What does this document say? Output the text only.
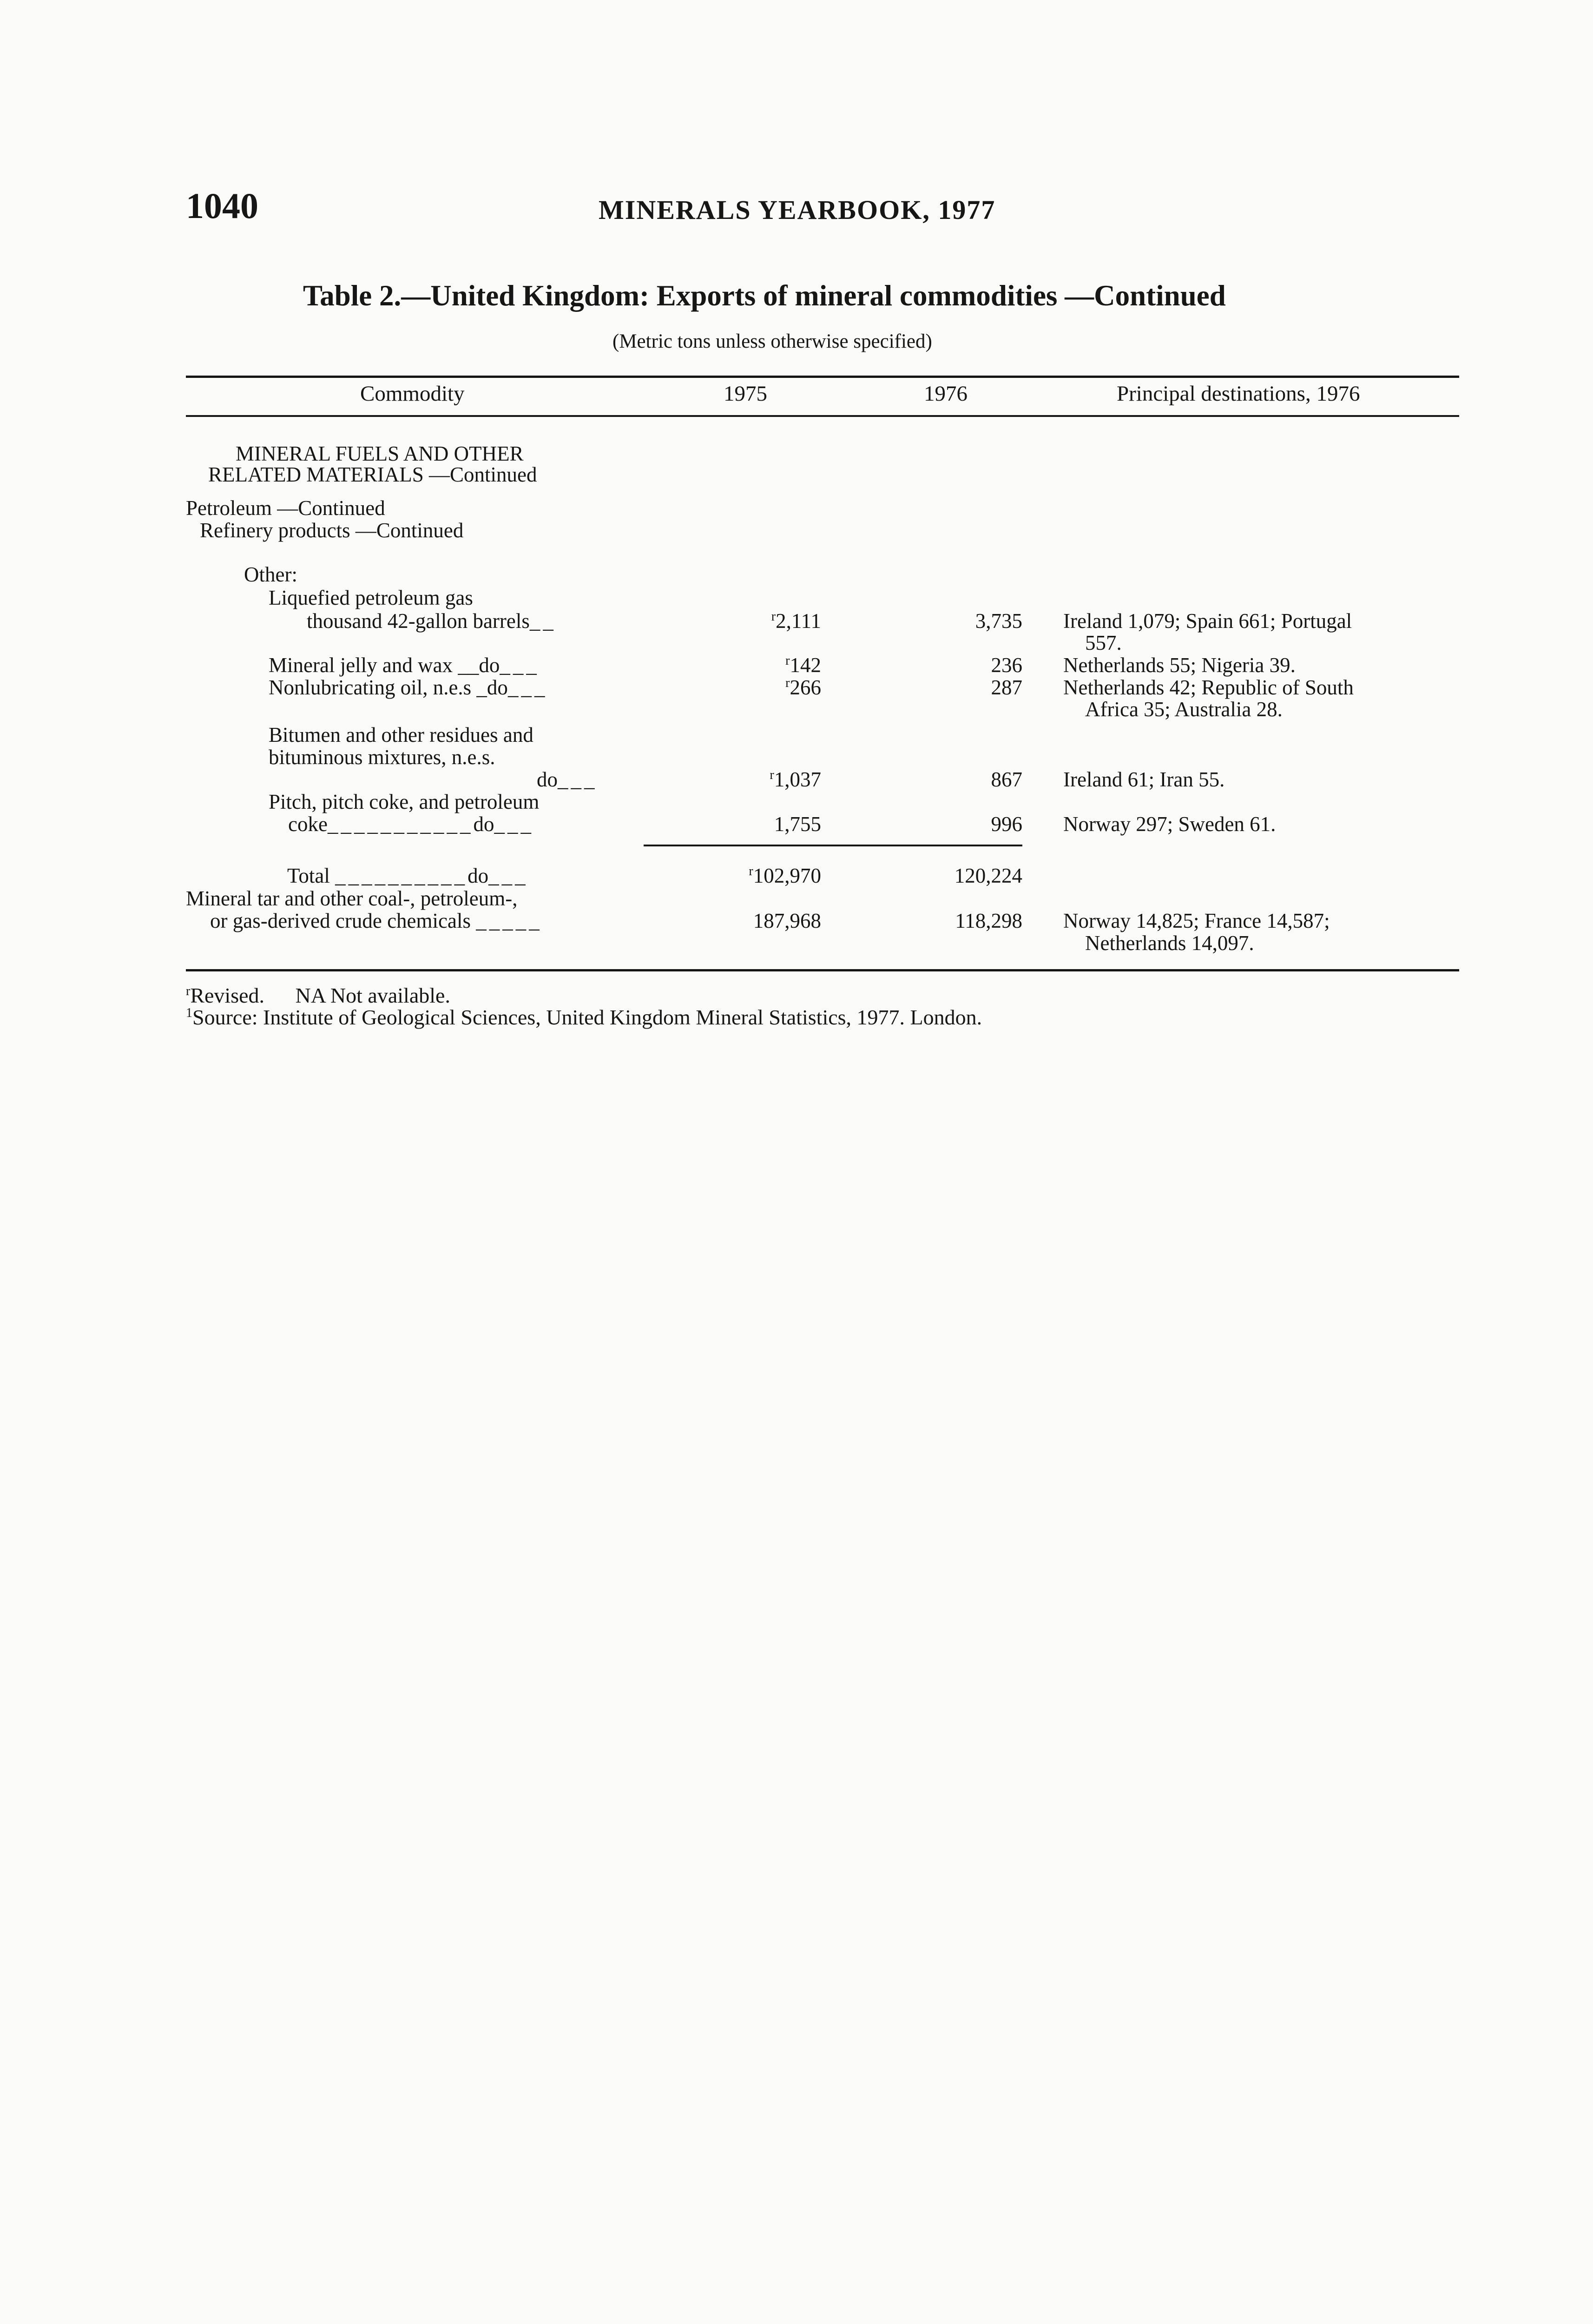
1040	MINERALS YEARBOOK, 1977
Table 2.—United Kingdom: Exports of mineral commodities —Continued
(Metric tons unless otherwise specified)
Commodity	1975	1976	Principal destinations, 1976
MINERAL FUELS AND OTHER
RELATED MATERIALS —Continued
Petroleum —Continued
Refinery products —Continued
Other:
Liquefied petroleum gas
thousand 42-gallon barrels__	$^r$2,111	3,735 Ireland 1,079; Spain 661; Portugal
557.
Mineral jelly and wax __do___	$^r$142	236 Netherlands 55; Nigeria 39.
Nonlubricating oil, n.e.s _do___	$^r$266	287 Netherlands 42; Republic of South
Africa 35; Australia 28.
Bitumen and other residues and
bituminous mixtures, n.e.s.
do___	$^r$1,037	867 Ireland 61; Iran 55.
Pitch, pitch coke, and petroleum
coke___________do___	1,755	996 Norway 297; Sweden 61.
Total __________do___	$^r$102,970	120,224
Mineral tar and other coal-, petroleum-,
or gas-derived crude chemicals _____	187,968	118,298 Norway 14,825; France 14,587;
Netherlands 14,097.
$^r$Revised. NA Not available.
$^1$Source: Institute of Geological Sciences, United Kingdom Mineral Statistics, 1977. London.
